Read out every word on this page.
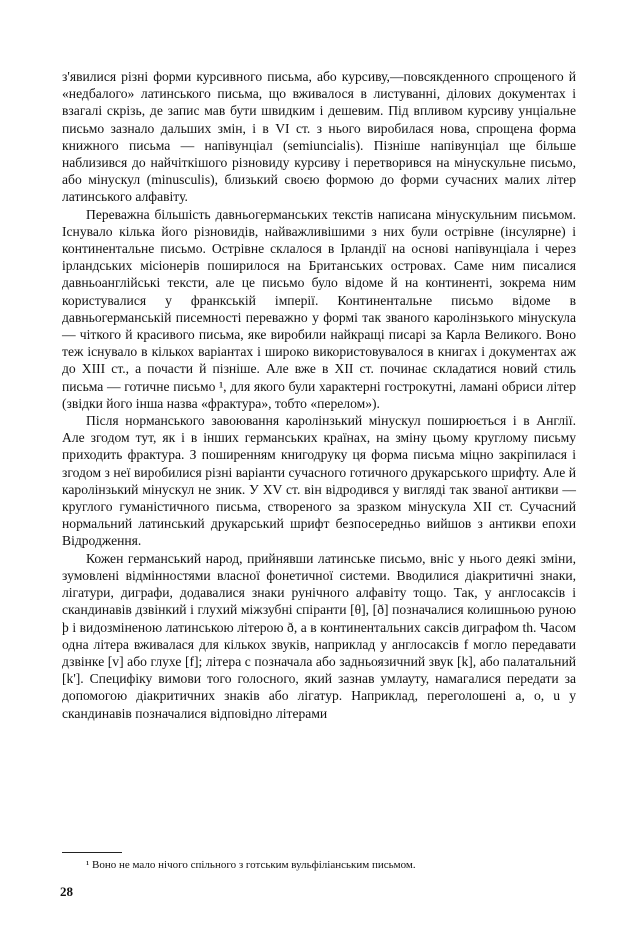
з'явилися різні форми курсивного письма, або курсиву,—повсякденного спрощеного й «недбалого» латинського письма, що вживалося в листуванні, ділових документах і взагалі скрізь, де запис мав бути швидким і дешевим. Під впливом курсиву унціальне письмо зазнало дальших змін, і в VI ст. з нього виробилася нова, спрощена форма книжного письма — напівунціал (semiuncialis). Пізніше напівунціал ще більше наблизився до найчіткішого різновиду курсиву і перетворився на мінускульне письмо, або мінускул (minusculis), близький своєю формою до форми сучасних малих літер латинського алфавіту.

Переважна більшість давньогерманських текстів написана мінускульним письмом. Існувало кілька його різновидів, найважливішими з них були острівне (інсулярне) і континентальне письмо. Острівне склалося в Ірландії на основі напівунціала і через ірландських місіонерів поширилося на Британських островах. Саме ним писалися давньоанглійські тексти, але це письмо було відоме й на континенті, зокрема ним користувалися у франкській імперії. Континентальне письмо відоме в давньогерманській писемності переважно у формі так званого каролінзького мінускула — чіткого й красивого письма, яке виробили найкращі писарі за Карла Великого. Воно теж існувало в кількох варіантах і широко використовувалося в книгах і документах аж до XIII ст., а почасти й пізніше. Але вже в XII ст. починає складатися новий стиль письма — готичне письмо ¹, для якого були характерні гострокутні, ламані обриси літер (звідки його інша назва «фрактура», тобто «перелом»).

Після норманського завоювання каролінзький мінускул поширюється і в Англії. Але згодом тут, як і в інших германських країнах, на зміну цьому круглому письму приходить фрактура. З поширенням книгодруку ця форма письма міцно закріпилася і згодом з неї виробилися різні варіанти сучасного готичного друкарського шрифту. Але й каролінзький мінускул не зник. У XV ст. він відродився у вигляді так званої антикви — круглого гуманістичного письма, створеного за зразком мінускула XII ст. Сучасний нормальний латинський друкарський шрифт безпосередньо вийшов з антикви епохи Відродження.

Кожен германський народ, прийнявши латинське письмо, вніс у нього деякі зміни, зумовлені відмінностями власної фонетичної системи. Вводилися діакритичні знаки, лігатури, диграфи, додавалися знаки рунічного алфавіту тощо. Так, у англосаксів і скандинавів дзвінкий і глухий міжзубні спіранти [θ], [ð] позначалися колишньою руною þ і видозміненою латинською літерою ð, а в континентальних саксів диграфом th. Часом одна літера вживалася для кількох звуків, наприклад у англосаксів f могло передавати дзвінке [v] або глухе [f]; літера с позначала або задньоязичний звук [k], або палатальний [k']. Специфіку вимови того голосного, який зазнав умлауту, намагалися передати за допомогою діакритичних знаків або лігатур. Наприклад, переголошені a, o, u у скандинавів позначалися відповідно літерами

¹ Воно не мало нічого спільного з готським вульфіліанським письмом.
28
